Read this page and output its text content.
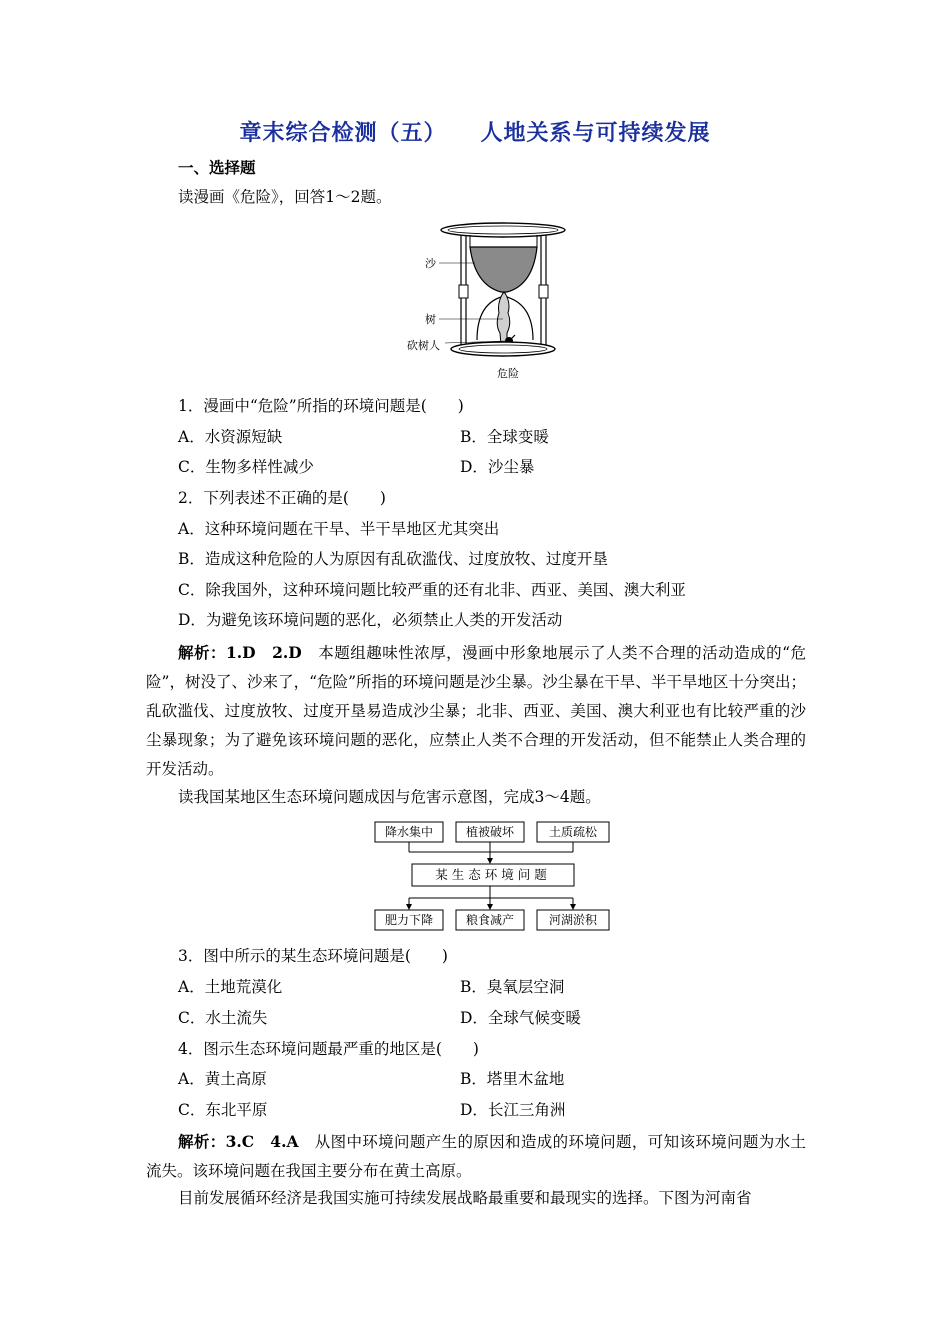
章末综合检测（五） 人地关系与可持续发展
一、选择题
读漫画《危险》，回答1～2题。
沙
树
砍树人
危险
1．漫画中“危险”所指的环境问题是(　　)
A．水资源短缺	B．全球变暖
C．生物多样性减少	D．沙尘暴
2．下列表述不正确的是(　　)
A．这种环境问题在干旱、半干旱地区尤其突出
B．造成这种危险的人为原因有乱砍滥伐、过度放牧、过度开垦
C．除我国外，这种环境问题比较严重的还有北非、西亚、美国、澳大利亚
D．为避免该环境问题的恶化，必须禁止人类的开发活动
解析：1.D　2.D　本题组趣味性浓厚，漫画中形象地展示了人类不合理的活动造成的“危险”，树没了、沙来了，“危险”所指的环境问题是沙尘暴。沙尘暴在干旱、半干旱地区十分突出；乱砍滥伐、过度放牧、过度开垦易造成沙尘暴；北非、西亚、美国、澳大利亚也有比较严重的沙尘暴现象；为了避免该环境问题的恶化，应禁止人类不合理的开发活动，但不能禁止人类合理的开发活动。
读我国某地区生态环境问题成因与危害示意图，完成3～4题。
降水集中	植被破坏	土质疏松
某生态环境问题
肥力下降	粮食减产	河湖淤积
3．图中所示的某生态环境问题是(　　)
A．土地荒漠化	B．臭氧层空洞
C．水土流失	D．全球气候变暖
4．图示生态环境问题最严重的地区是(　　)
A．黄土高原	B．塔里木盆地
C．东北平原	D．长江三角洲
解析：3.C　4.A　从图中环境问题产生的原因和造成的环境问题，可知该环境问题为水土流失。该环境问题在我国主要分布在黄土高原。
目前发展循环经济是我国实施可持续发展战略最重要和最现实的选择。下图为河南省
